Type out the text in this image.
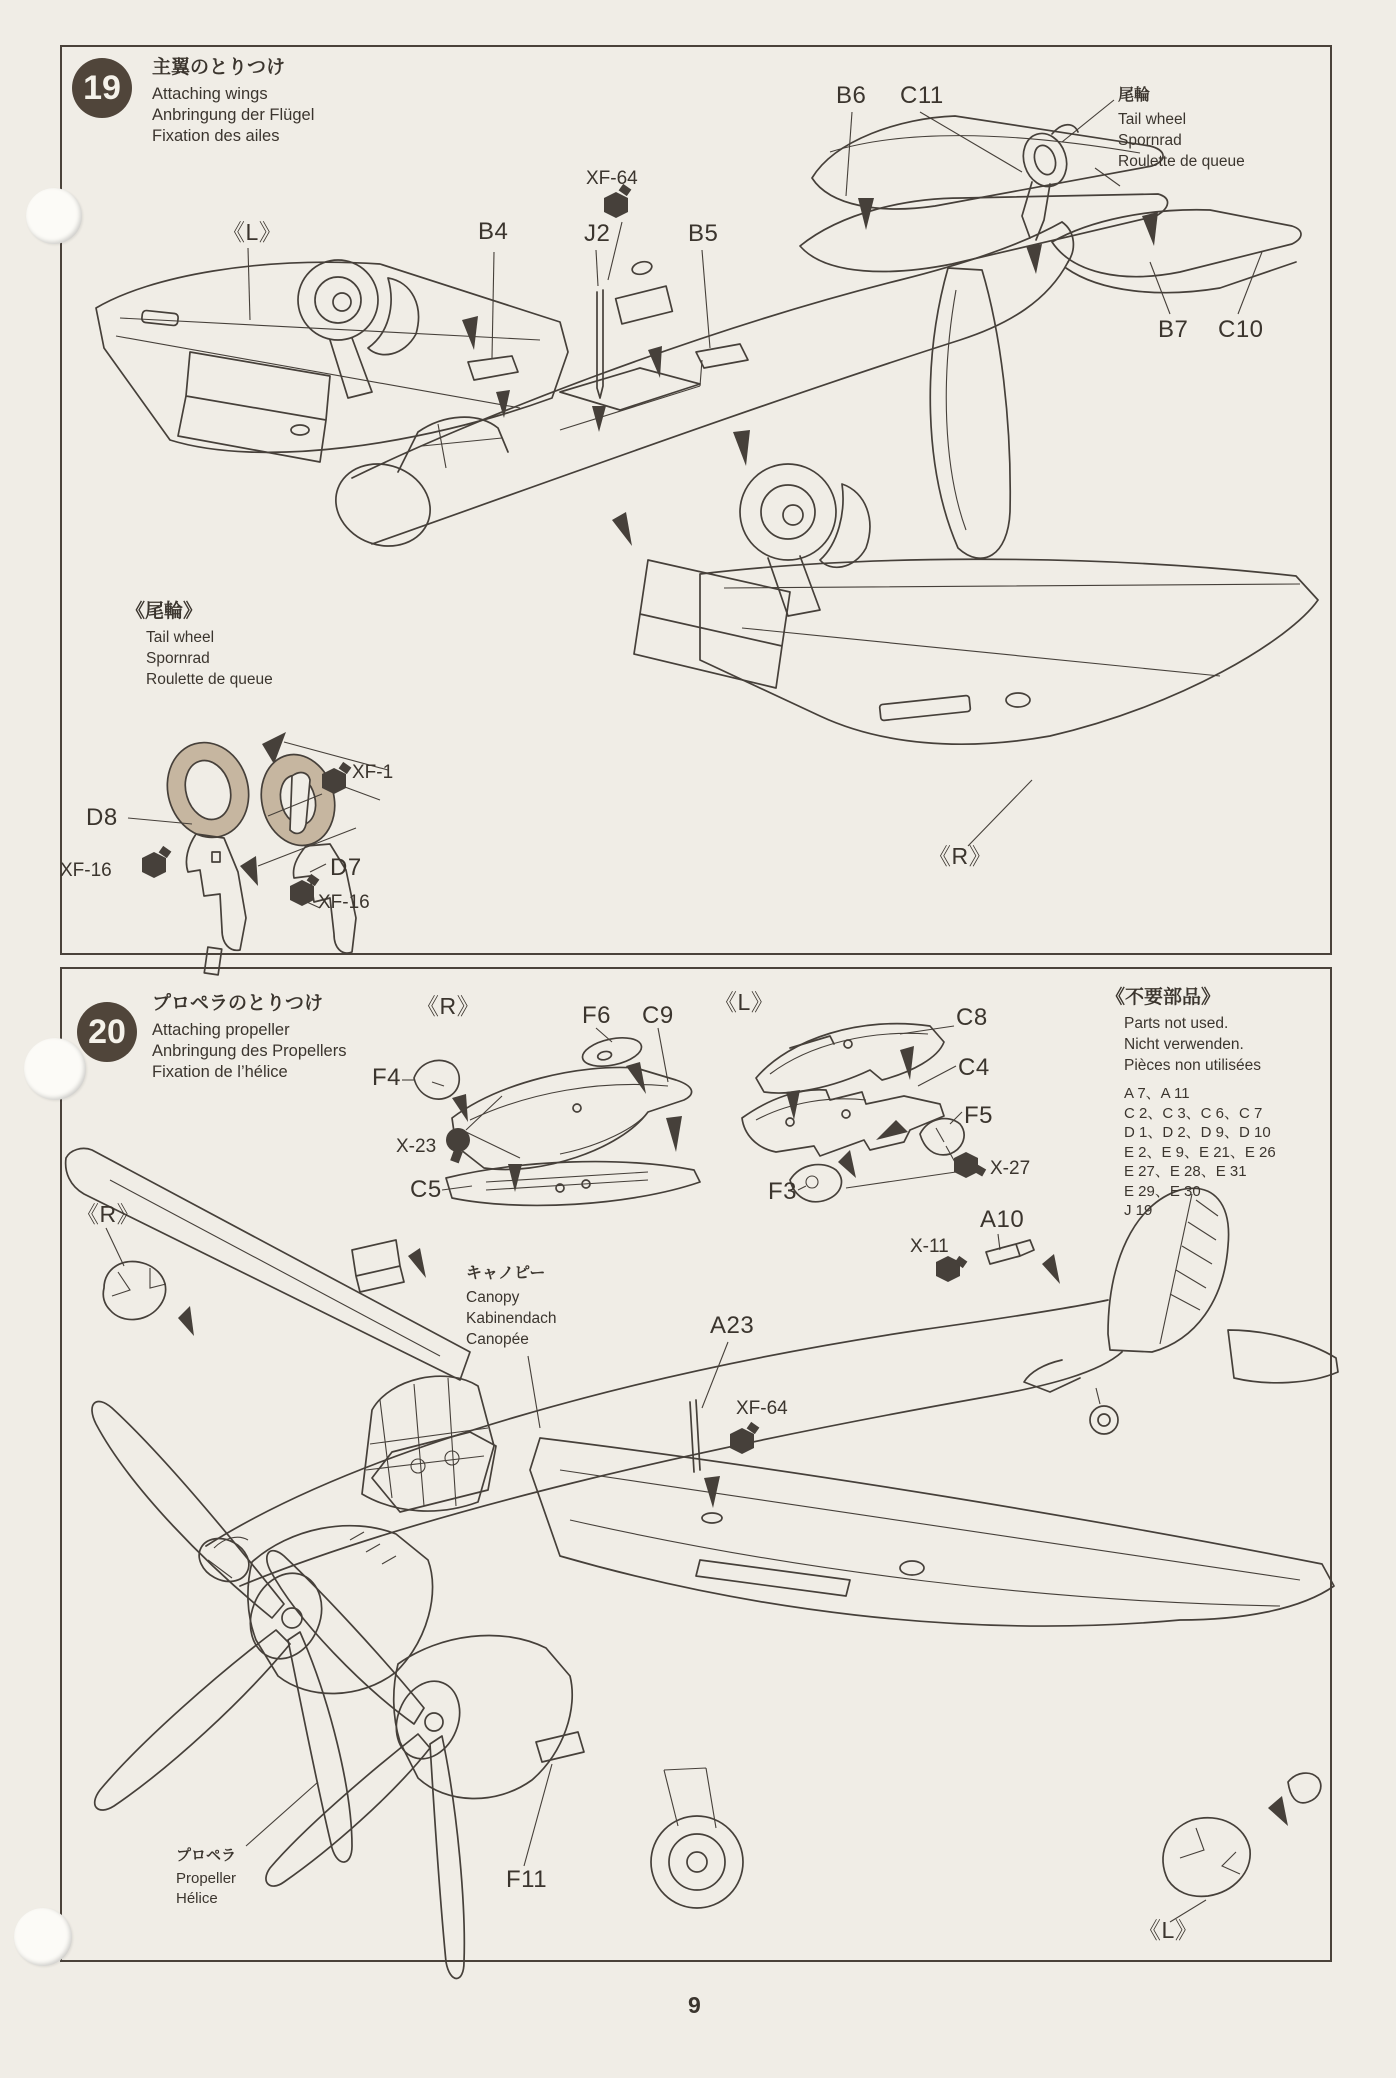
19
主翼のとりつけ
Attaching wings
Anbringung der Flügel
Fixation des ailes
B6 C11	尾輪
Tail wheel
Spornrad
Roulette de queue
《L》	B4
XF-64
J2	B5
B7 C10
《尾輪》
Tail wheel
Spornrad
Roulette de queue
D8
XF-1
XF-16	D7
XF-16
《R》
20
プロペラのとりつけ
Attaching propeller
Anbringung des Propellers
Fixation de l’hélice
《R》	F6 C9
F4
X-23
C5
《L》
C8
C4
F5
X-27
F3
《不要部品》
Parts not used.
Nicht verwenden.
Pièces non utilisées
A 7、A 11
C 2、C 3、C 6、C 7
D 1、D 2、D 9、D 10
E 2、E 9、E 21、E 26
E 27、E 28、E 31
E 29、E 30
J 19
《R》
X-11
A10
キャノピー
Canopy
Kabinendach
Canopée
A23
XF-64
プロペラ
Propeller
Hélice
F11
《L》
9
